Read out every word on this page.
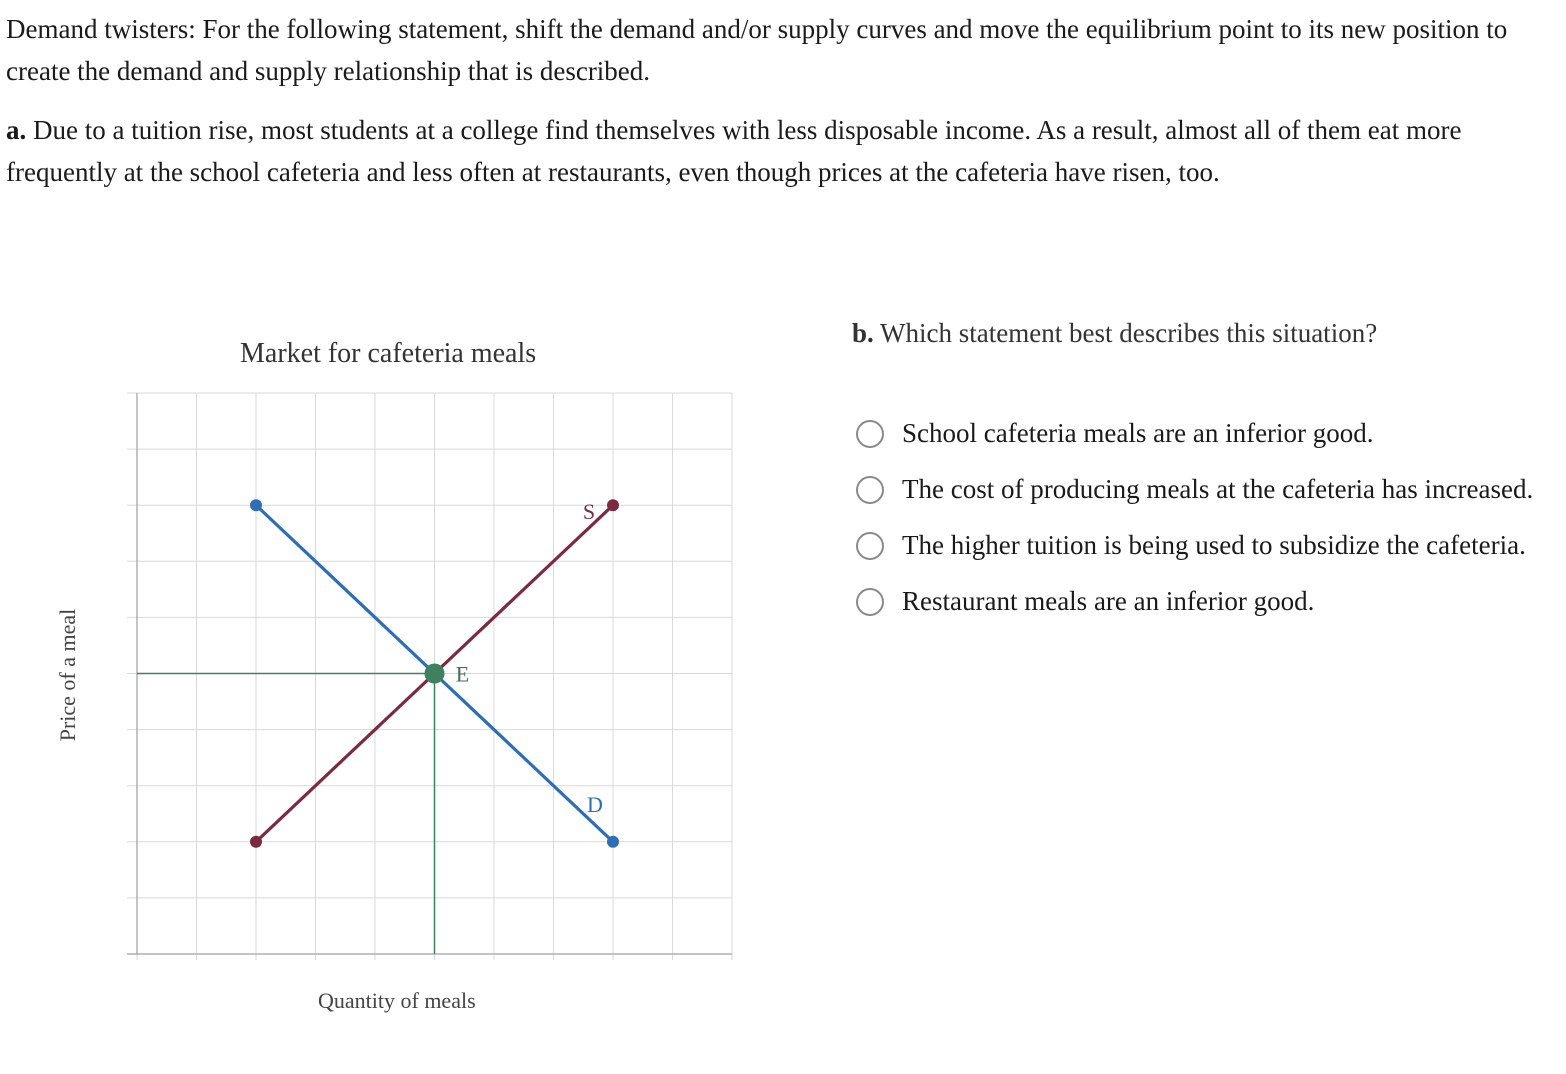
Demand twisters: For the following statement, shift the demand and/or supply curves and move the equilibrium point to its new position to create the demand and supply relationship that is described.

a. Due to a tuition rise, most students at a college find themselves with less disposable income. As a result, almost all of them eat more frequently at the school cafeteria and less often at restaurants, even though prices at the cafeteria have risen, too.

Market for cafeteria meals
Price of a meal
Quantity of meals
D
S
E
b. Which statement best describes this situation?
School cafeteria meals are an inferior good.
The cost of producing meals at the cafeteria has increased.
The higher tuition is being used to subsidize the cafeteria.
Restaurant meals are an inferior good.
